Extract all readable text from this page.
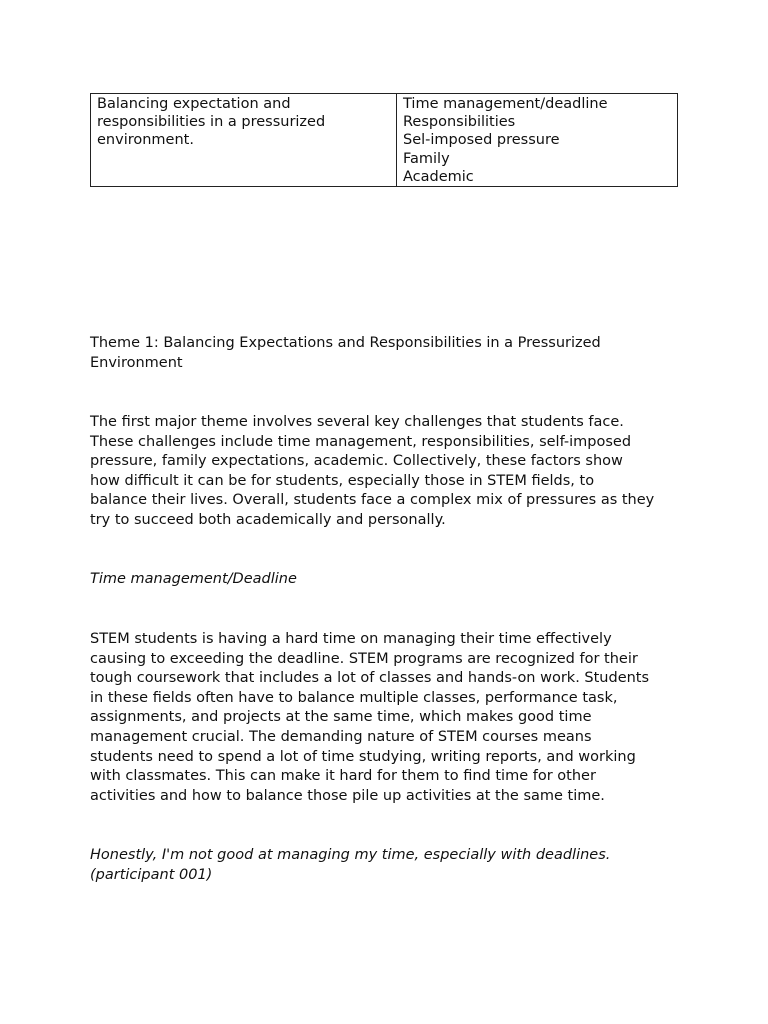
Balancing expectation and
responsibilities in a pressurized
environment.

Time management/deadline
Responsibilities
Sel-imposed pressure
Family
Academic
Theme 1: Balancing Expectations and Responsibilities in a Pressurized
Environment
The first major theme involves several key challenges that students face.
These challenges include time management, responsibilities, self-imposed
pressure, family expectations, academic. Collectively, these factors show
how difficult it can be for students, especially those in STEM fields, to
balance their lives. Overall, students face a complex mix of pressures as they
try to succeed both academically and personally.
Time management/Deadline
STEM students is having a hard time on managing their time effectively
causing to exceeding the deadline. STEM programs are recognized for their
tough coursework that includes a lot of classes and hands-on work. Students
in these fields often have to balance multiple classes, performance task,
assignments, and projects at the same time, which makes good time
management crucial. The demanding nature of STEM courses means
students need to spend a lot of time studying, writing reports, and working
with classmates. This can make it hard for them to find time for other
activities and how to balance those pile up activities at the same time.
Honestly, I'm not good at managing my time, especially with deadlines.
(participant 001)
